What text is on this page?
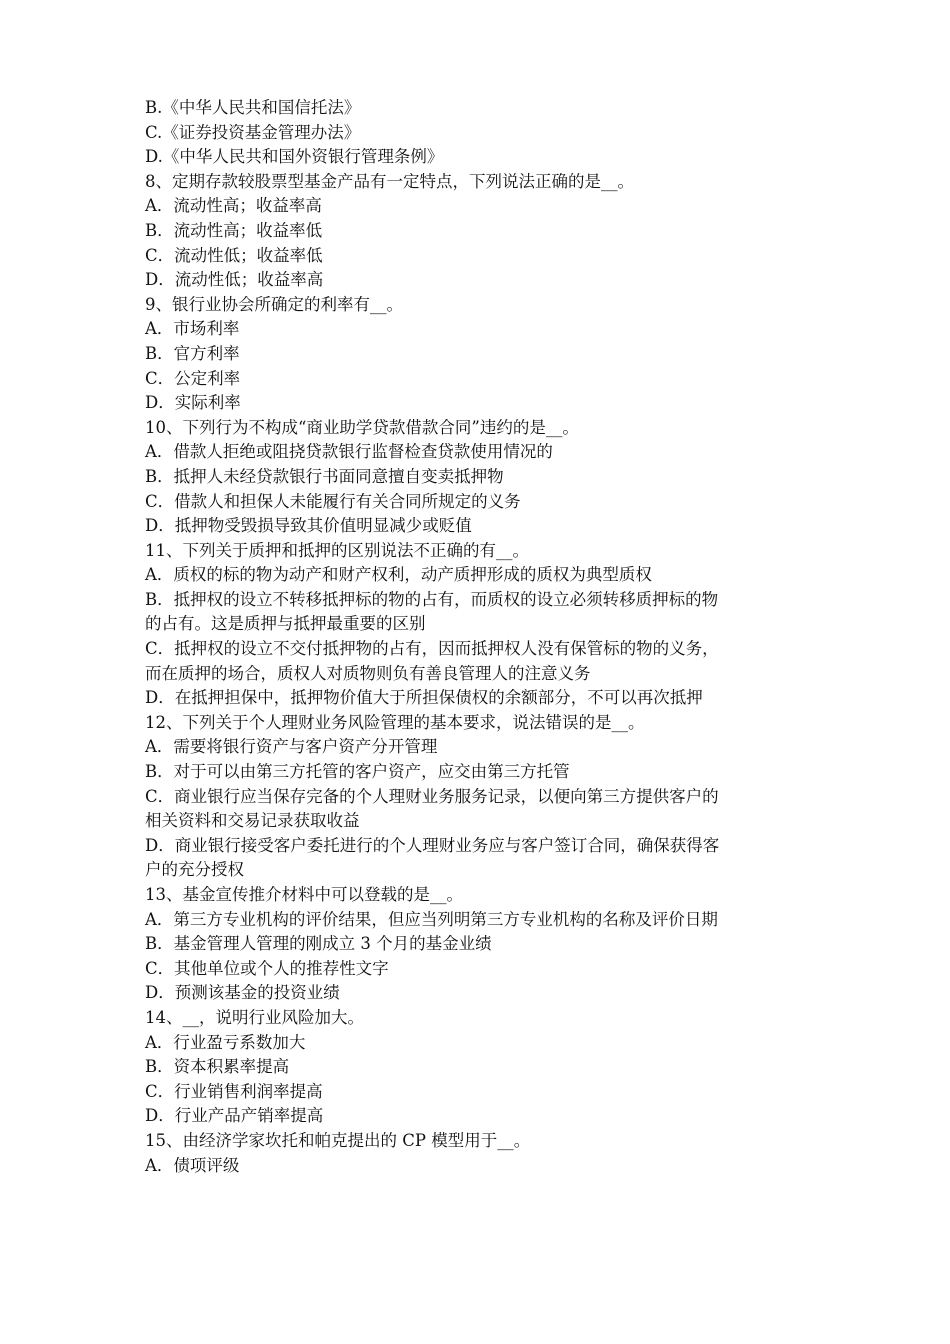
B.《中华人民共和国信托法》

C.《证券投资基金管理办法》

D.《中华人民共和国外资银行管理条例》

8、定期存款较股票型基金产品有一定特点，下列说法正确的是__。

A．流动性高；收益率高

B．流动性高；收益率低

C．流动性低；收益率低

D．流动性低；收益率高

9、银行业协会所确定的利率有__。

A．市场利率

B．官方利率

C．公定利率

D．实际利率

10、下列行为不构成“商业助学贷款借款合同”违约的是__。

A．借款人拒绝或阻挠贷款银行监督检查贷款使用情况的

B．抵押人未经贷款银行书面同意擅自变卖抵押物

C．借款人和担保人未能履行有关合同所规定的义务

D．抵押物受毁损导致其价值明显减少或贬值

11、下列关于质押和抵押的区别说法不正确的有__。

A．质权的标的物为动产和财产权利，动产质押形成的质权为典型质权

B．抵押权的设立不转移抵押标的物的占有，而质权的设立必须转移质押标的物

的占有。这是质押与抵押最重要的区别

C．抵押权的设立不交付抵押物的占有，因而抵押权人没有保管标的物的义务，

而在质押的场合，质权人对质物则负有善良管理人的注意义务

D．在抵押担保中，抵押物价值大于所担保债权的余额部分，不可以再次抵押

12、下列关于个人理财业务风险管理的基本要求，说法错误的是__。

A．需要将银行资产与客户资产分开管理

B．对于可以由第三方托管的客户资产，应交由第三方托管

C．商业银行应当保存完备的个人理财业务服务记录，以便向第三方提供客户的

相关资料和交易记录获取收益

D．商业银行接受客户委托进行的个人理财业务应与客户签订合同，确保获得客

户的充分授权

13、基金宣传推介材料中可以登载的是__。

A．第三方专业机构的评价结果，但应当列明第三方专业机构的名称及评价日期

B．基金管理人管理的刚成立 3 个月的基金业绩

C．其他单位或个人的推荐性文字

D．预测该基金的投资业绩

14、__，说明行业风险加大。

A．行业盈亏系数加大

B．资本积累率提高

C．行业销售利润率提高

D．行业产品产销率提高

15、由经济学家坎托和帕克提出的 CP 模型用于__。

A．债项评级
